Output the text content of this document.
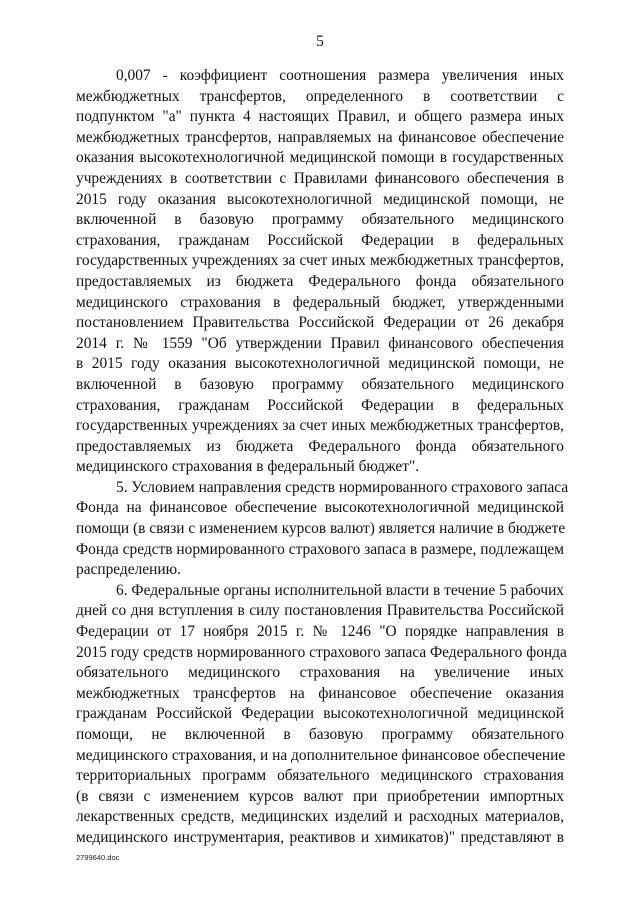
5
0,007 - коэффициент соотношения размера увеличения иных
межбюджетных трансфертов, определенного в соответствии с
подпунктом "а" пункта 4 настоящих Правил, и общего размера иных
межбюджетных трансфертов, направляемых на финансовое обеспечение
оказания высокотехнологичной медицинской помощи в государственных
учреждениях в соответствии с Правилами финансового обеспечения в
2015 году оказания высокотехнологичной медицинской помощи, не
включенной в базовую программу обязательного медицинского
страхования, гражданам Российской Федерации в федеральных
государственных учреждениях за счет иных межбюджетных трансфертов,
предоставляемых из бюджета Федерального фонда обязательного
медицинского страхования в федеральный бюджет, утвержденными
постановлением Правительства Российской Федерации от 26 декабря
2014 г. № 1559 "Об утверждении Правил финансового обеспечения
в 2015 году оказания высокотехнологичной медицинской помощи, не
включенной в базовую программу обязательного медицинского
страхования, гражданам Российской Федерации в федеральных
государственных учреждениях за счет иных межбюджетных трансфертов,
предоставляемых из бюджета Федерального фонда обязательного
медицинского страхования в федеральный бюджет".
5. Условием направления средств нормированного страхового запаса
Фонда на финансовое обеспечение высокотехнологичной медицинской
помощи (в связи с изменением курсов валют) является наличие в бюджете
Фонда средств нормированного страхового запаса в размере, подлежащем
распределению.
6. Федеральные органы исполнительной власти в течение 5 рабочих
дней со дня вступления в силу постановления Правительства Российской
Федерации от 17 ноября 2015 г. № 1246 "О порядке направления в
2015 году средств нормированного страхового запаса Федерального фонда
обязательного медицинского страхования на увеличение иных
межбюджетных трансфертов на финансовое обеспечение оказания
гражданам Российской Федерации высокотехнологичной медицинской
помощи, не включенной в базовую программу обязательного
медицинского страхования, и на дополнительное финансовое обеспечение
территориальных программ обязательного медицинского страхования
(в связи с изменением курсов валют при приобретении импортных
лекарственных средств, медицинских изделий и расходных материалов,
медицинского инструментария, реактивов и химикатов)" представляют в
2799640.doc
